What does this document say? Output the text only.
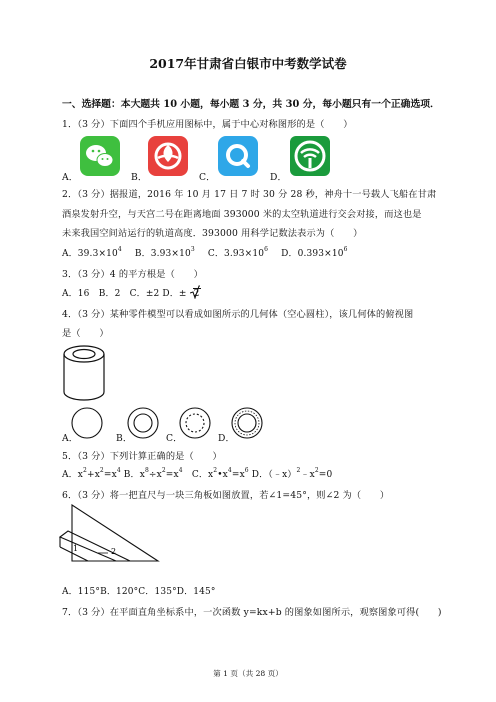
2017年甘肃省白银市中考数学试卷
一、选择题：本大题共 10 小题，每小题 3 分，共 30 分，每小题只有一个正确选项．
1．（3 分）下面四个手机应用图标中，属于中心对称图形的是（　　）
A．	B．	C．	D．
2．（3 分）据报道，2016 年 10 月 17 日 7 时 30 分 28 秒，神舟十一号载人飞船在甘肃
酒泉发射升空，与天宫二号在距离地面 393000 米的太空轨道进行交会对接，而这也是
未来我国空间站运行的轨道高度．393000 用科学记数法表示为（　　）
A．$39.3\times 10^4$ B．$3.93\times 10^3$ C．$3.93\times 10^6$ D．$0.393\times 10^6$
3．（3 分）4 的平方根是（　　）
A．16　B．2　C．±2 D．± 2
4．（3 分）某种零件模型可以看成如图所示的几何体（空心圆柱），该几何体的俯视图
是（　　）
A．	B．	C．	D．
5．（3 分）下列计算正确的是（　　）
A．$x^2+x^2=x^4$ B．$x^8\div x^2=x^4$　C．$x^2•x^4=x^6$ D．$(﹣x)^2﹣x^2=0$
6．（3 分）将一把直尺与一块三角板如图放置，若∠1=45°，则∠2 为（　　）
1	2
A．115°B．120°C．135°D．145°
7．（3 分）在平面直角坐标系中，一次函数 y=kx+b 的图象如图所示，观察图象可得(　　)
第 1 页（共 28 页）
